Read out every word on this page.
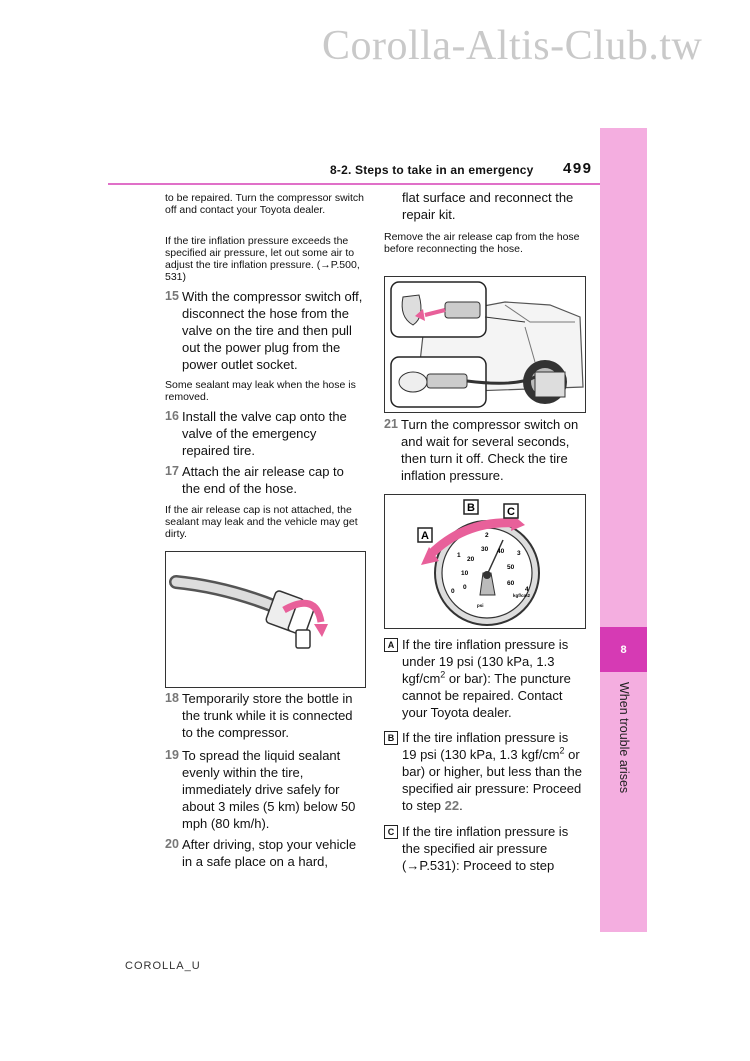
Corolla-Altis-Club.tw
8-2. Steps to take in an emergency 499
8
When trouble arises
COROLLA_U
to be repaired. Turn the compressor switch off and contact your Toyota dealer.
If the tire inflation pressure exceeds the specified air pressure, let out some air to adjust the tire inflation pressure. (→P.500, 531)
15 With the compressor switch off, disconnect the hose from the valve on the tire and then pull out the power plug from the power outlet socket.
Some sealant may leak when the hose is removed.
16 Install the valve cap onto the valve of the emergency repaired tire.
17 Attach the air release cap to the end of the hose.
If the air release cap is not attached, the sealant may leak and the vehicle may get dirty.
18 Temporarily store the bottle in the trunk while it is connected to the compressor.
19 To spread the liquid sealant evenly within the tire, immediately drive safely for about 3 miles (5 km) below 50 mph (80 km/h).
20 After driving, stop your vehicle in a safe place on a hard,
flat surface and reconnect the repair kit.
Remove the air release cap from the hose before reconnecting the hose.
21 Turn the compressor switch on and wait for several seconds, then turn it off. Check the tire inflation pressure.
A
B	C
0
1
2
3
4
0
10
20
30 40
50
60
kgf/cm2
psi
A If the tire inflation pressure is under 19 psi (130 kPa, 1.3 kgf/$cm^2$ or bar): The puncture cannot be repaired. Contact your Toyota dealer.
B If the tire inflation pressure is 19 psi (130 kPa, 1.3 kgf/$cm^2$ or bar) or higher, but less than the specified air pressure: Proceed to step 22.
C If the tire inflation pressure is the specified air pressure (→P.531): Proceed to step
